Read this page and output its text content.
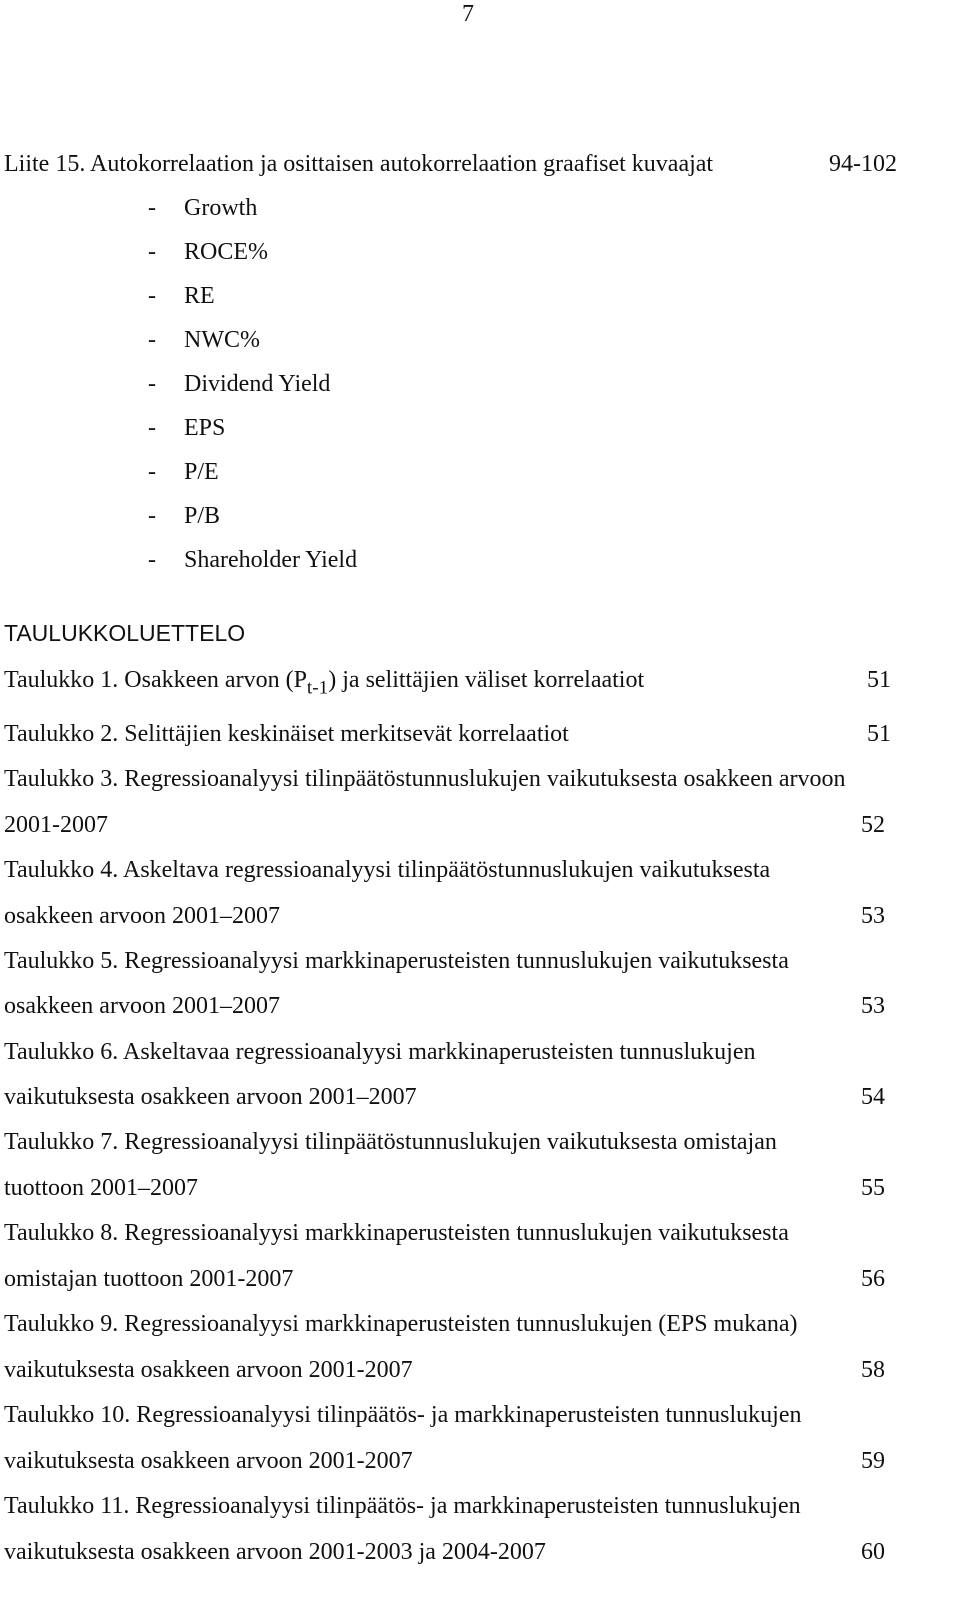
7
Liite 15. Autokorrelaation ja osittaisen autokorrelaation graafiset kuvaajat	94-102
- Growth
- ROCE%
- RE
- NWC%
- Dividend Yield
- EPS
- P/E
- P/B
- Shareholder Yield
TAULUKKOLUETTELO
Taulukko 1. Osakkeen arvon $(P_{t-1})$ ja selittäjien väliset korrelaatiot	51
Taulukko 2. Selittäjien keskinäiset merkitsevät korrelaatiot	51
Taulukko 3. Regressioanalyysi tilinpäätöstunnuslukujen vaikutuksesta osakkeen arvoon
2001-2007	52
Taulukko 4. Askeltava regressioanalyysi tilinpäätöstunnuslukujen vaikutuksesta
osakkeen arvoon 2001–2007	53
Taulukko 5. Regressioanalyysi markkinaperusteisten tunnuslukujen vaikutuksesta
osakkeen arvoon 2001–2007	53
Taulukko 6. Askeltavaa regressioanalyysi markkinaperusteisten tunnuslukujen
vaikutuksesta osakkeen arvoon 2001–2007	54
Taulukko 7. Regressioanalyysi tilinpäätöstunnuslukujen vaikutuksesta omistajan
tuottoon 2001–2007	55
Taulukko 8. Regressioanalyysi markkinaperusteisten tunnuslukujen vaikutuksesta
omistajan tuottoon 2001-2007	56
Taulukko 9. Regressioanalyysi markkinaperusteisten tunnuslukujen (EPS mukana)
vaikutuksesta osakkeen arvoon 2001-2007	58
Taulukko 10. Regressioanalyysi tilinpäätös- ja markkinaperusteisten tunnuslukujen
vaikutuksesta osakkeen arvoon 2001-2007	59
Taulukko 11. Regressioanalyysi tilinpäätös- ja markkinaperusteisten tunnuslukujen
vaikutuksesta osakkeen arvoon 2001-2003 ja 2004-2007	60
